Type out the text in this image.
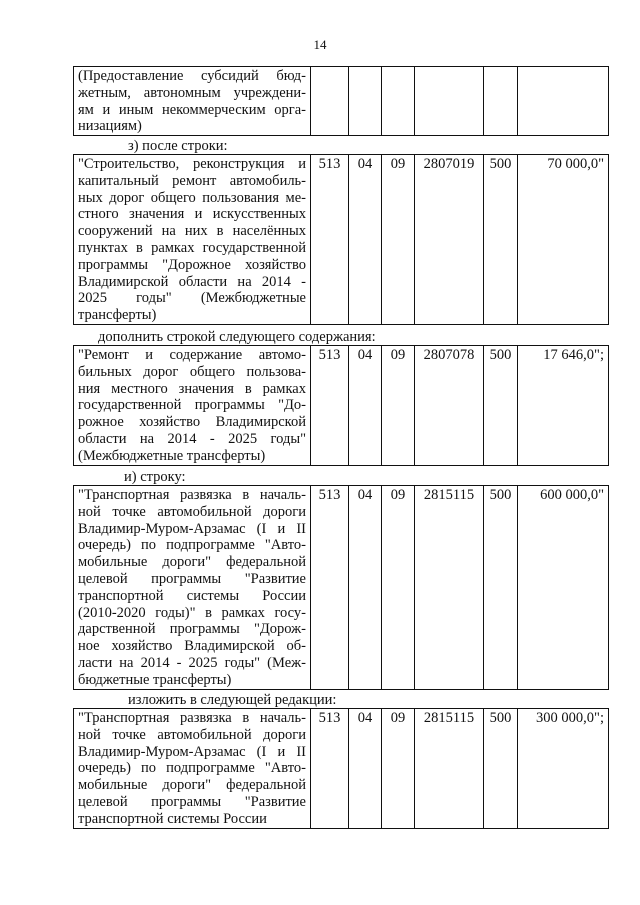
14
(Предоставление субсидий бюд-
жетным, автономным учреждени-
ям и иным некоммерческим орга-
низациям)

з) после строки:
"Строительство, реконструкция и
капитальный ремонт автомобиль-
ных дорог общего пользования ме-
стного значения и искусственных
сооружений на них в населённых
пунктах в рамках государственной
программы "Дорожное хозяйство
Владимирской области на 2014 -
2025 годы" (Межбюджетные
трансферты)
	513	04	09	2807019	500	70 000,0"
дополнить строкой следующего содержания:
"Ремонт и содержание автомо-
бильных дорог общего пользова-
ния местного значения в рамках
государственной программы "До-
рожное хозяйство Владимирской
области на 2014 - 2025 годы"
(Межбюджетные трансферты)
	513	04	09	2807078	500	17 646,0";
и) строку:
"Транспортная развязка в началь-
ной точке автомобильной дороги
Владимир-Муром-Арзамас (I и II
очередь) по подпрограмме "Авто-
мобильные дороги" федеральной
целевой программы "Развитие
транспортной системы России
(2010-2020 годы)" в рамках госу-
дарственной программы "Дорож-
ное хозяйство Владимирской об-
ласти на 2014 - 2025 годы" (Меж-
бюджетные трансферты)
	513	04	09	2815115	500	600 000,0"
изложить в следующей редакции:
"Транспортная развязка в началь-
ной точке автомобильной дороги
Владимир-Муром-Арзамас (I и II
очередь) по подпрограмме "Авто-
мобильные дороги" федеральной
целевой программы "Развитие
транспортной системы России
	513	04	09	2815115	500	300 000,0";
